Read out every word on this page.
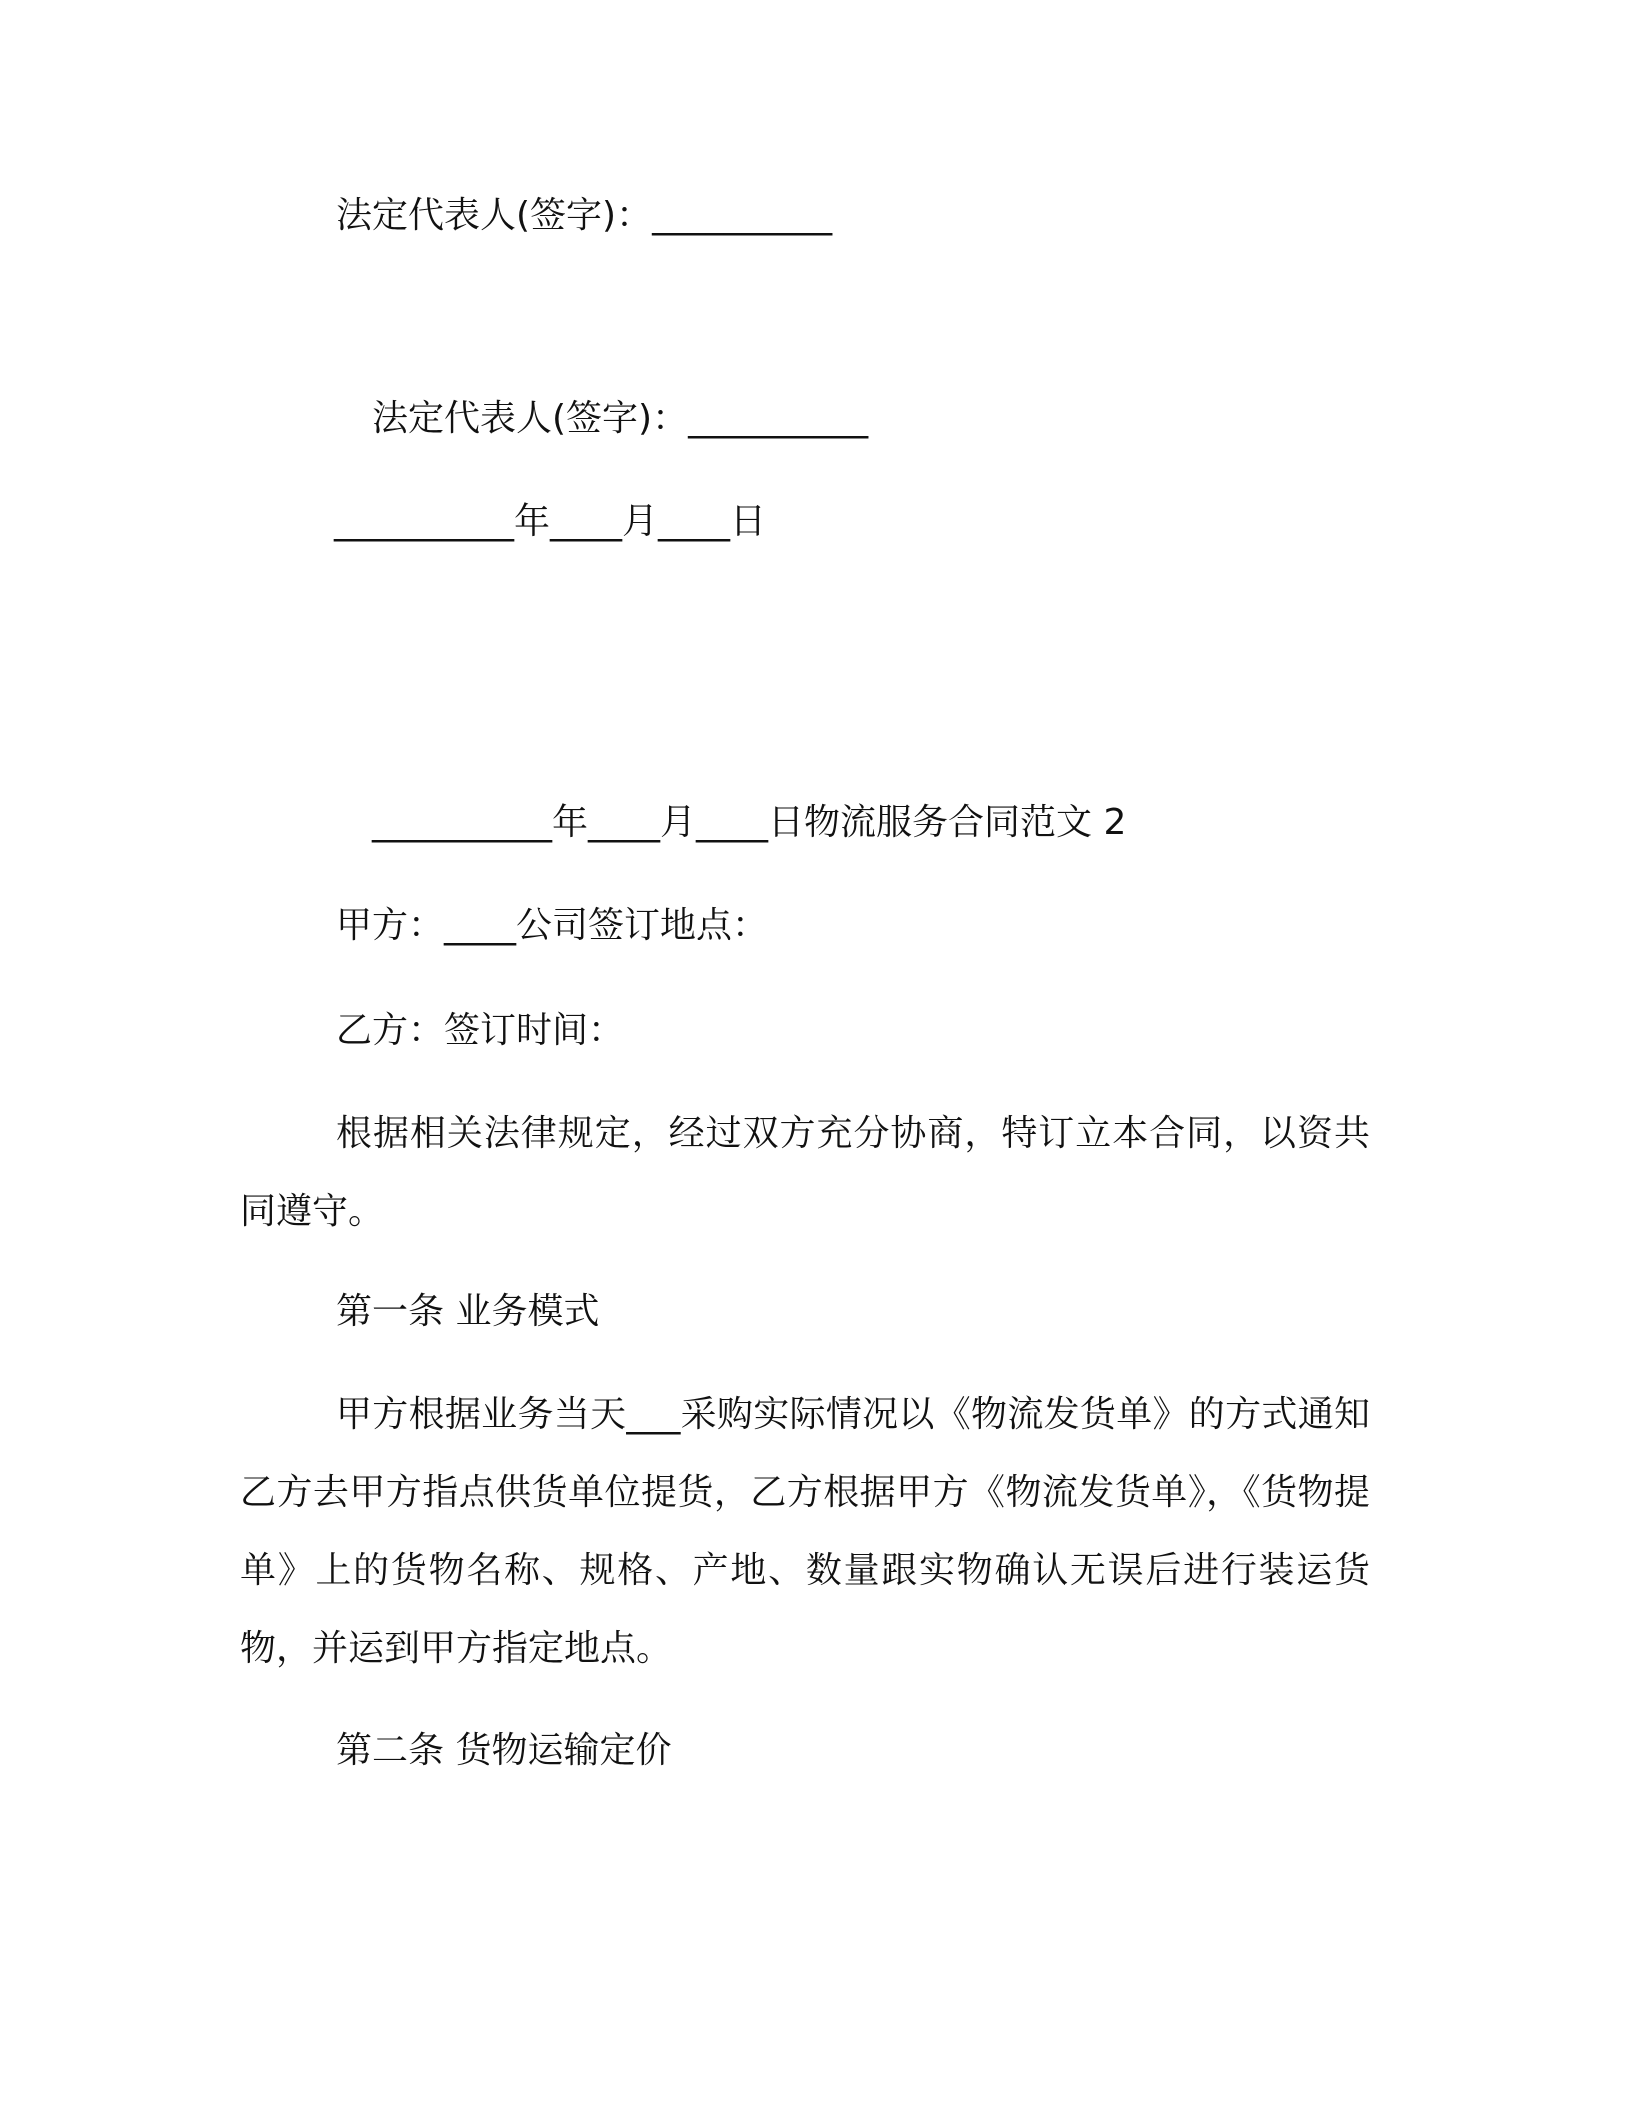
法定代表人(签字)：__________

法定代表人(签字)：__________

__________年____月____日

__________年____月____日物流服务合同范文 2

甲方：____公司签订地点：

乙方：签订时间：

根据相关法律规定，经过双方充分协商，特订立本合同，以资共同遵守。

第一条 业务模式

甲方根据业务当天___采购实际情况以《物流发货单》的方式通知乙方去甲方指点供货单位提货，乙方根据甲方《物流发货单》，《货物提单》上的货物名称、规格、产地、数量跟实物确认无误后进行装运货物，并运到甲方指定地点。

第二条 货物运输定价
